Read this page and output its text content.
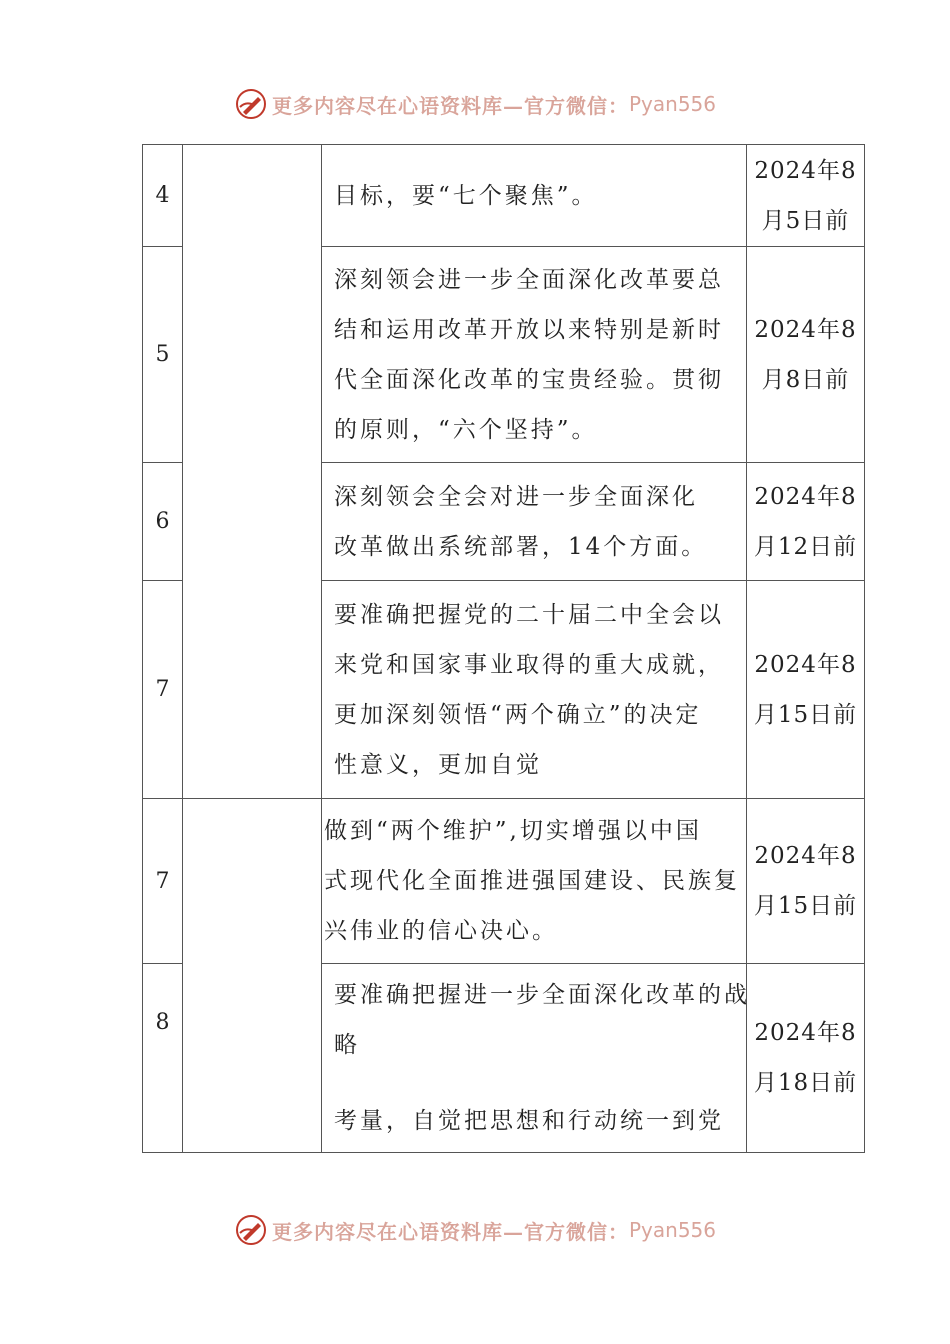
更多内容尽在心语资料库—官方微信： Pyan556
4		目标，要“七个聚焦”。	2024年8
月5日前

5		深刻领会进一步全面深化改革要总
结和运用改革开放以来特别是新时
代全面深化改革的宝贵经验。贯彻
的原则，“六个坚持”。	2024年8
月8日前

6		深刻领会全会对进一步全面深化
改革做出系统部署，14个方面。	2024年8
月12日前

7		要准确把握党的二十届二中全会以
来党和国家事业取得的重大成就，
更加深刻领悟“两个确立”的决定
性意义，更加自觉	2024年8
月15日前

7		做到“两个维护”,切实增强以中国
式现代化全面推进强国建设、民族复
兴伟业的信心决心。	2024年8
月15日前

8		要准确把握进一步全面深化改革的战
略
考量，自觉把思想和行动统一到党	2024年8
月18日前
更多内容尽在心语资料库—官方微信： Pyan556
